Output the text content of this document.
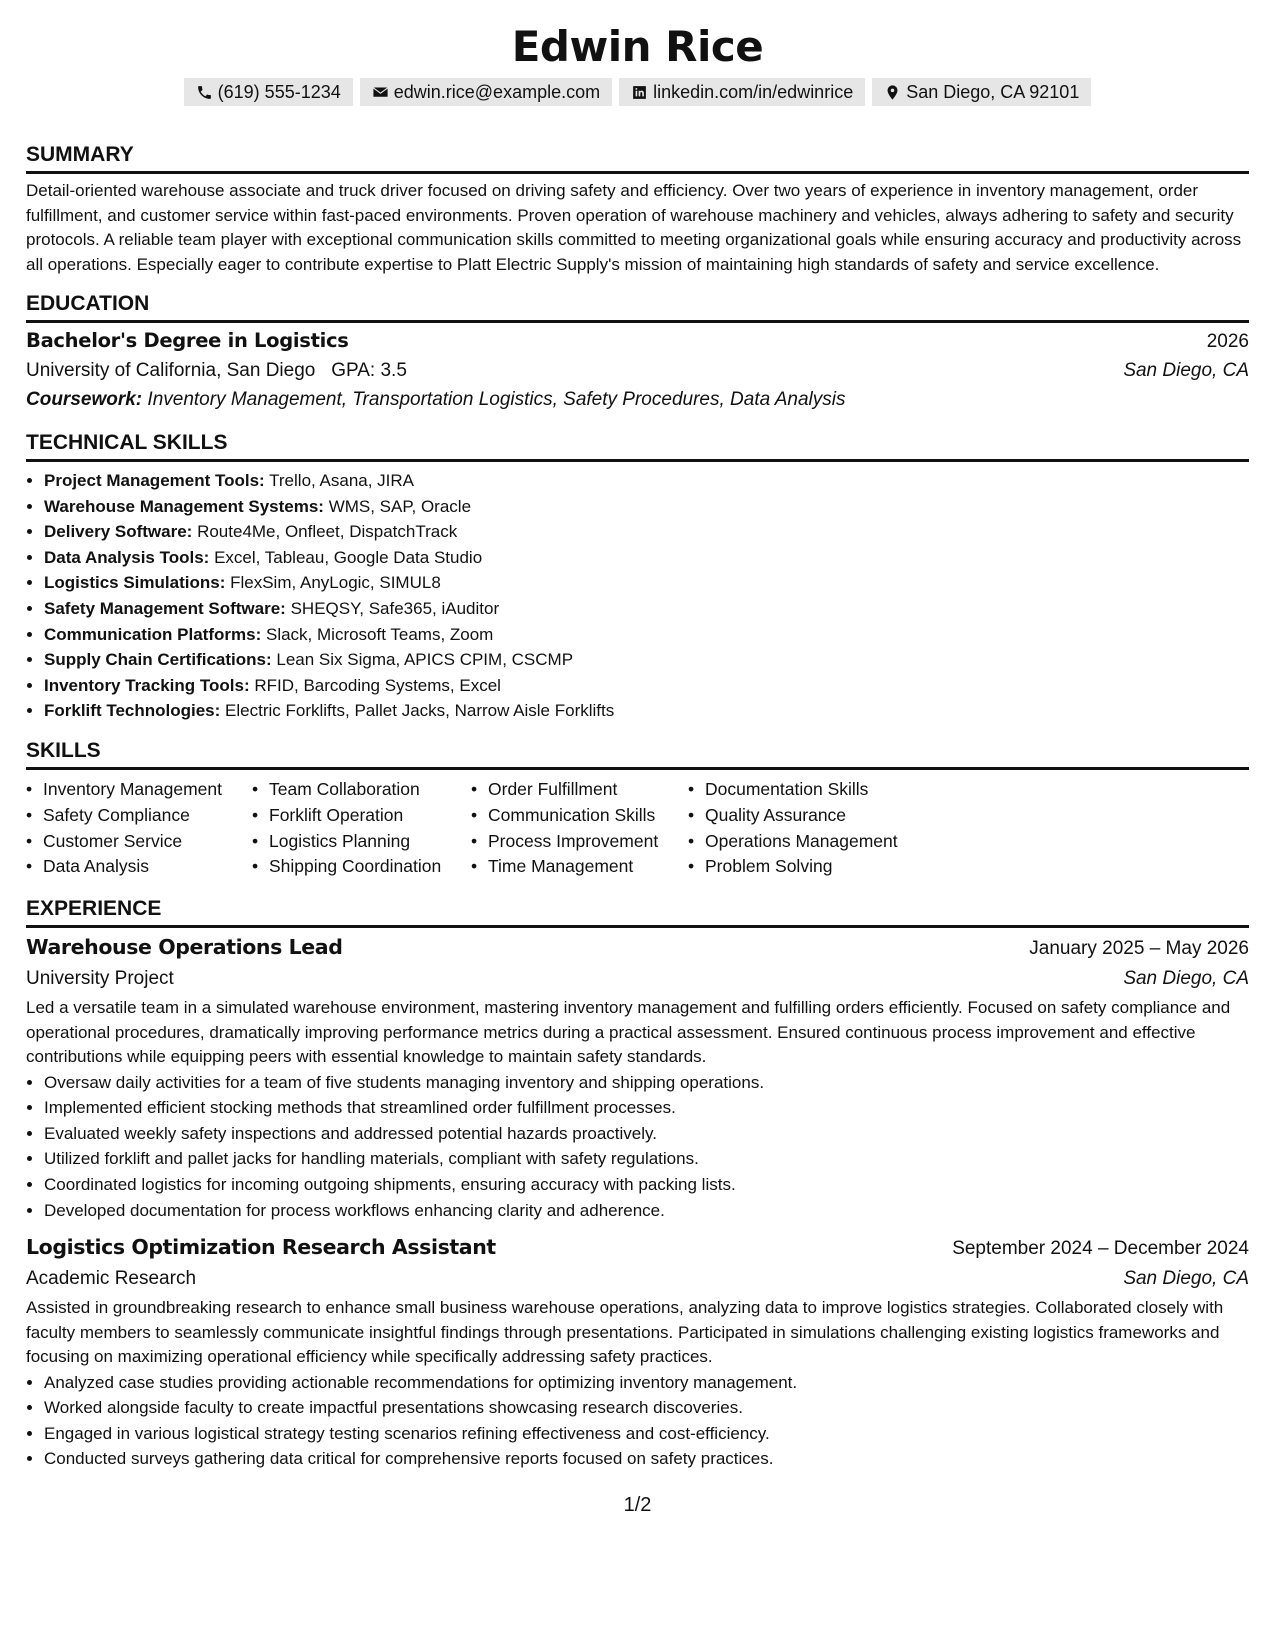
Edwin Rice
(619) 555-1234	edwin.rice@example.com	linkedin.com/in/edwinrice	San Diego, CA 92101
SUMMARY

Detail-oriented warehouse associate and truck driver focused on driving safety and efficiency. Over two years of experience in inventory management, order fulfillment, and customer service within fast-paced environments. Proven operation of warehouse machinery and vehicles, always adhering to safety and security protocols. A reliable team player with exceptional communication skills committed to meeting organizational goals while ensuring accuracy and productivity across all operations. Especially eager to contribute expertise to Platt Electric Supply's mission of maintaining high standards of safety and service excellence.

EDUCATION
Bachelor's Degree in Logistics	2026
University of California, San Diego GPA: 3.5	San Diego, CA
Coursework: Inventory Management, Transportation Logistics, Safety Procedures, Data Analysis
TECHNICAL SKILLS
• Project Management Tools: Trello, Asana, JIRA
• Warehouse Management Systems: WMS, SAP, Oracle
• Delivery Software: Route4Me, Onfleet, DispatchTrack
• Data Analysis Tools: Excel, Tableau, Google Data Studio
• Logistics Simulations: FlexSim, AnyLogic, SIMUL8
• Safety Management Software: SHEQSY, Safe365, iAuditor
• Communication Platforms: Slack, Microsoft Teams, Zoom
• Supply Chain Certifications: Lean Six Sigma, APICS CPIM, CSCMP
• Inventory Tracking Tools: RFID, Barcoding Systems, Excel
• Forklift Technologies: Electric Forklifts, Pallet Jacks, Narrow Aisle Forklifts
SKILLS
• Inventory Management	• Team Collaboration	• Order Fulfillment	• Documentation Skills
• Safety Compliance	• Forklift Operation	• Communication Skills	• Quality Assurance
• Customer Service	• Logistics Planning	• Process Improvement	• Operations Management
• Data Analysis	• Shipping Coordination	• Time Management	• Problem Solving
EXPERIENCE
Warehouse Operations Lead	January 2025 – May 2026
University Project	San Diego, CA

Led a versatile team in a simulated warehouse environment, mastering inventory management and fulfilling orders efficiently. Focused on safety compliance and operational procedures, dramatically improving performance metrics during a practical assessment. Ensured continuous process improvement and effective contributions while equipping peers with essential knowledge to maintain safety standards.

• Oversaw daily activities for a team of five students managing inventory and shipping operations.
• Implemented efficient stocking methods that streamlined order fulfillment processes.
• Evaluated weekly safety inspections and addressed potential hazards proactively.
• Utilized forklift and pallet jacks for handling materials, compliant with safety regulations.
• Coordinated logistics for incoming outgoing shipments, ensuring accuracy with packing lists.
• Developed documentation for process workflows enhancing clarity and adherence.
Logistics Optimization Research Assistant	September 2024 – December 2024
Academic Research	San Diego, CA

Assisted in groundbreaking research to enhance small business warehouse operations, analyzing data to improve logistics strategies. Collaborated closely with faculty members to seamlessly communicate insightful findings through presentations. Participated in simulations challenging existing logistics frameworks and focusing on maximizing operational efficiency while specifically addressing safety practices.

• Analyzed case studies providing actionable recommendations for optimizing inventory management.
• Worked alongside faculty to create impactful presentations showcasing research discoveries.
• Engaged in various logistical strategy testing scenarios refining effectiveness and cost-efficiency.
• Conducted surveys gathering data critical for comprehensive reports focused on safety practices.
1/2
